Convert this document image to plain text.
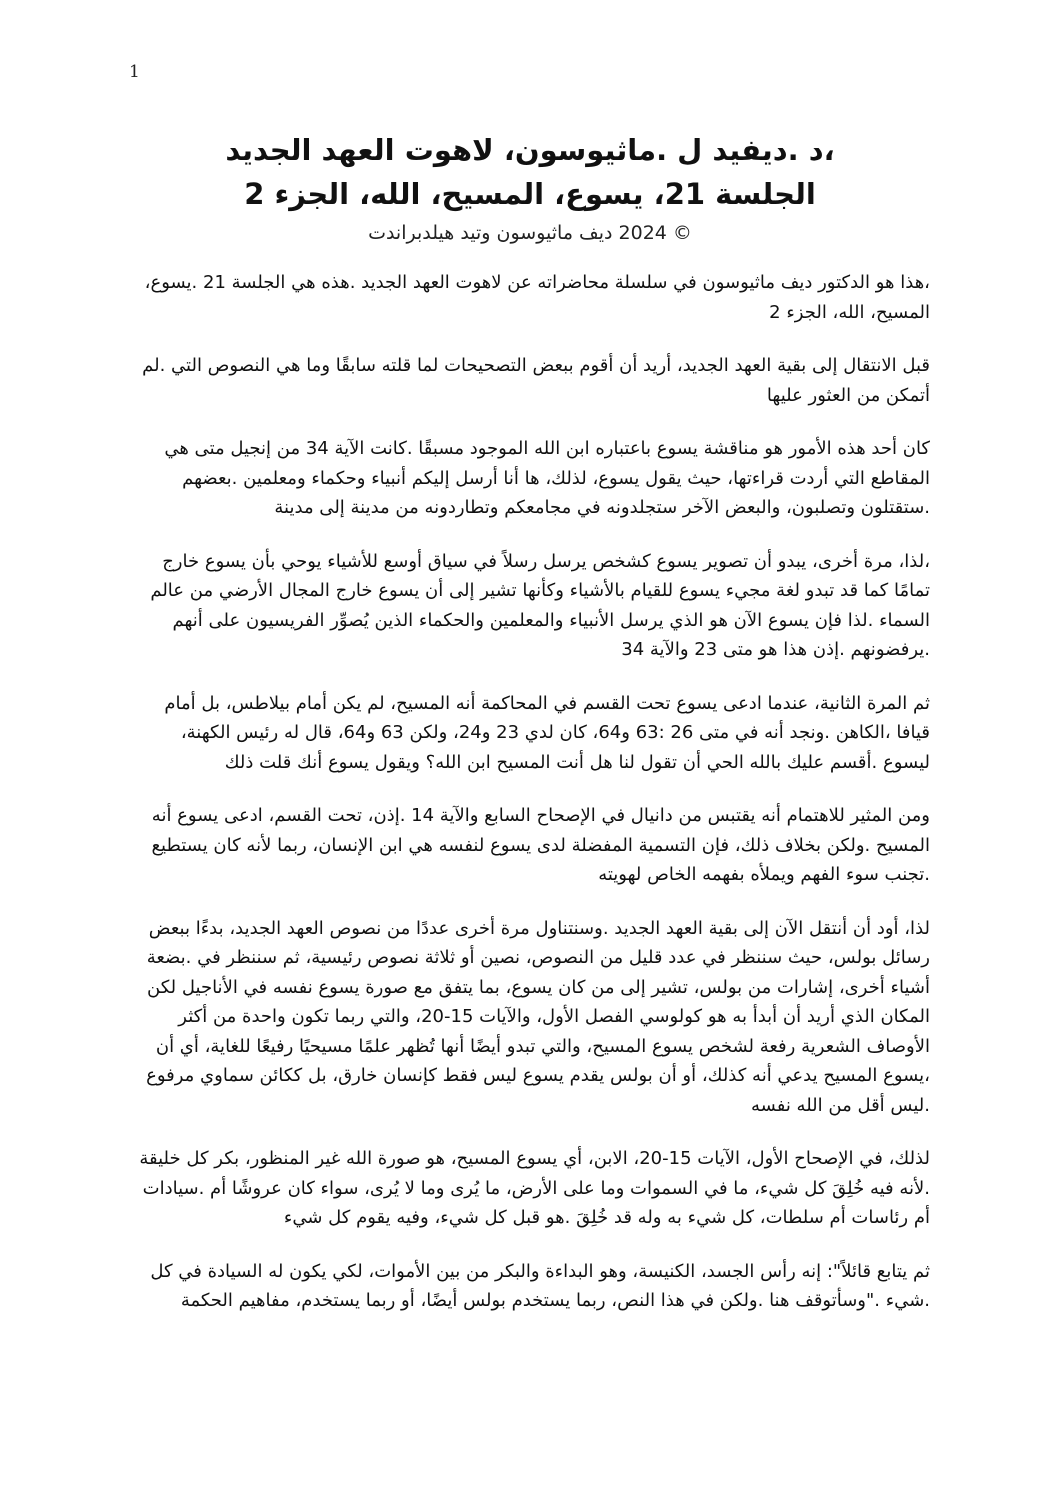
1
،د .ديفيد ل .ماثيوسون، لاهوت العهد الجديد
الجلسة 21، يسوع، المسيح، الله، الجزء 2
© 2024 ديف ماثيوسون وتيد هيلدبراندت

،هذا هو الدكتور ديف ماثيوسون في سلسلة محاضراته عن لاهوت العهد الجديد .هذه هي الجلسة 21 .يسوع، المسيح، الله، الجزء 2

قبل الانتقال إلى بقية العهد الجديد، أريد أن أقوم ببعض التصحيحات لما قلته سابقًا وما هي النصوص التي .لم أتمكن من العثور عليها

كان أحد هذه الأمور هو مناقشة يسوع باعتباره ابن الله الموجود مسبقًا .كانت الآية 34 من إنجيل متى هي المقاطع التي أردت قراءتها، حيث يقول يسوع، لذلك، ها أنا أرسل إليكم أنبياء وحكماء ومعلمين .بعضهم .ستقتلون وتصلبون، والبعض الآخر ستجلدونه في مجامعكم وتطاردونه من مدينة إلى مدينة

،لذا، مرة أخرى، يبدو أن تصوير يسوع كشخص يرسل رسلاً في سياق أوسع للأشياء يوحي بأن يسوع خارج تمامًا كما قد تبدو لغة مجيء يسوع للقيام بالأشياء وكأنها تشير إلى أن يسوع خارج المجال الأرضي من عالم السماء .لذا فإن يسوع الآن هو الذي يرسل الأنبياء والمعلمين والحكماء الذين يُصوِّر الفريسيون على أنهم .يرفضونهم .إذن هذا هو متى 23 والآية 34

ثم المرة الثانية، عندما ادعى يسوع تحت القسم في المحاكمة أنه المسيح، لم يكن أمام بيلاطس، بل أمام قيافا ،الكاهن .ونجد أنه في متى 26 :63 و64، كان لدي 23 و24، ولكن 63 و64، قال له رئيس الكهنة، ليسوع .أقسم عليك بالله الحي أن تقول لنا هل أنت المسيح ابن الله؟ ويقول يسوع أنك قلت ذلك

ومن المثير للاهتمام أنه يقتبس من دانيال في الإصحاح السابع والآية 14 .إذن، تحت القسم، ادعى يسوع أنه المسيح .ولكن بخلاف ذلك، فإن التسمية المفضلة لدى يسوع لنفسه هي ابن الإنسان، ربما لأنه كان يستطيع .تجنب سوء الفهم ويملأه بفهمه الخاص لهويته

لذا، أود أن أنتقل الآن إلى بقية العهد الجديد .وسنتناول مرة أخرى عددًا من نصوص العهد الجديد، بدءًا ببعض رسائل بولس، حيث سننظر في عدد قليل من النصوص، نصين أو ثلاثة نصوص رئيسية، ثم سننظر في .بضعة أشياء أخرى، إشارات من بولس، تشير إلى من كان يسوع، بما يتفق مع صورة يسوع نفسه في الأناجيل لكن المكان الذي أريد أن أبدأ به هو كولوسي الفصل الأول، والآيات 15-20، والتي ربما تكون واحدة من أكثر الأوصاف الشعرية رفعة لشخص يسوع المسيح، والتي تبدو أيضًا أنها تُظهر علمًا مسيحيًا رفيعًا للغاية، أي أن ،يسوع المسيح يدعي أنه كذلك، أو أن بولس يقدم يسوع ليس فقط كإنسان خارق، بل ككائن سماوي مرفوع .ليس أقل من الله نفسه

لذلك، في الإصحاح الأول، الآيات 15-20، الابن، أي يسوع المسيح، هو صورة الله غير المنظور، بكر كل خليقة .لأنه فيه خُلِقَ كل شيء، ما في السموات وما على الأرض، ما يُرى وما لا يُرى، سواء كان عروشًا أم .سيادات أم رئاسات أم سلطات، كل شيء به وله قد خُلِقَ .هو قبل كل شيء، وفيه يقوم كل شيء

ثم يتابع قائلاً": إنه رأس الجسد، الكنيسة، وهو البداءة والبكر من بين الأموات، لكي يكون له السيادة في كل .شيء ."وسأتوقف هنا .ولكن في هذا النص، ربما يستخدم بولس أيضًا، أو ربما يستخدم، مفاهيم الحكمة
